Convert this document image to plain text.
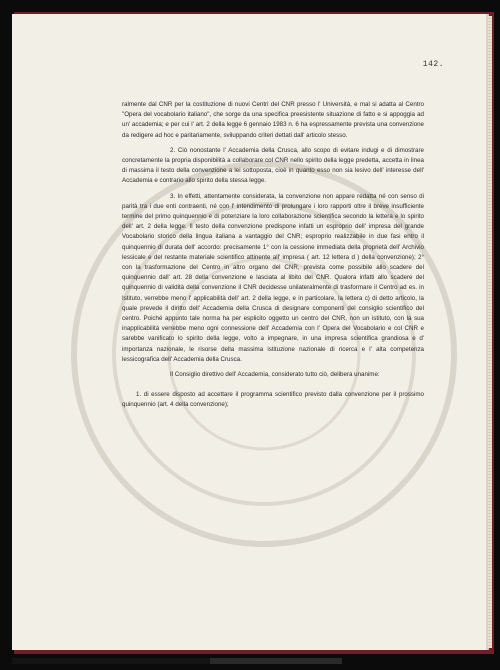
142.

ralmente dal CNR per la costituzione di nuovi Centri del CNR presso l' Università, e mal si adatta al Centro "Opera del vocabolario italiano", che sorge da una specifica preesistente situazione di fatto e si appoggia ad un' accademia; e per cui l' art. 2 della legge 6 gennaio 1983 n. 6 ha espressamente prevista una convenzione da redigere ad hoc e paritariamente, sviluppando criteri dettati dall' articolo stesso.

2. Ciò nonostante l' Accademia della Crusca, allo scopo di evitare indugi e di dimostrare concretamente la propria disponibilità a collaborare col CNR nello spirito della legge predetta, accetta in linea di massima il testo della convenzione a lei sottoposta, cioè in quanto esso non sia lesivo dell' interesse dell' Accademia e contrario allo spirito della stessa legge.

3. In effetti, attentamente considerata, la convenzione non appare redatta né con senso di parità tra i due enti contraenti, né con l' intendimento di prolungare i loro rapporti oltre il breve insufficiente termine del primo quinquennio e di potenziare la loro collaborazione scientifica secondo la lettera e lo spirito dell' art. 2 della legge. Il testo della convenzione predispone infatti un esproprio dell' impresa del grande Vocabolario storico della lingua italiana a vantaggio del CNR; esproprio realizzabile in due fasi entro il quinquennio di durata dell' accordo: precisamente 1° con la cessione immediata della proprietà dell' Archivio lessicale e del restante materiale scientifico attinente all' impresa ( art. 12 lettera d ) della convenzione); 2° con la trasformazione del Centro in altro organo del CNR, prevista come possibile allo scadere del quinquennio dall' art. 28 della convenzione e lasciata al libito del CNR. Qualora infatti allo scadere del quinquennio di validità della convenzione il CNR decidesse unilateralmente di trasformare il Centro ad es. in Istituto, verrebbe meno l' applicabilità dell' art. 2 della legge, e in particolare, la lettera c) di detto articolo, la quale prevede il diritto dell' Accademia della Crusca di designare componenti del consiglio scientifico del centro. Poiché appunto tale norma ha per esplicito oggetto un centro del CNR, non un istituto, con la sua inapplicabilità verrebbe meno ogni connessione dell' Accademia con l' Opera del Vocabolario e col CNR e sarebbe vanificato lo spirito della legge, volto a impegnare, in una impresa scientifica grandiosa e d' importanza nazionale, le risorse della massima istituzione nazionale di ricerca e l' alta competenza lessicografica dell' Accademia della Crusca.

Il Consiglio direttivo dell' Accademia, considerato tutto ciò, delibera unanime:

1. di essere disposto ad accettare il programma scientifico previsto dalla convenzione per il prossimo quinquennio (art. 4 della convenzione);
